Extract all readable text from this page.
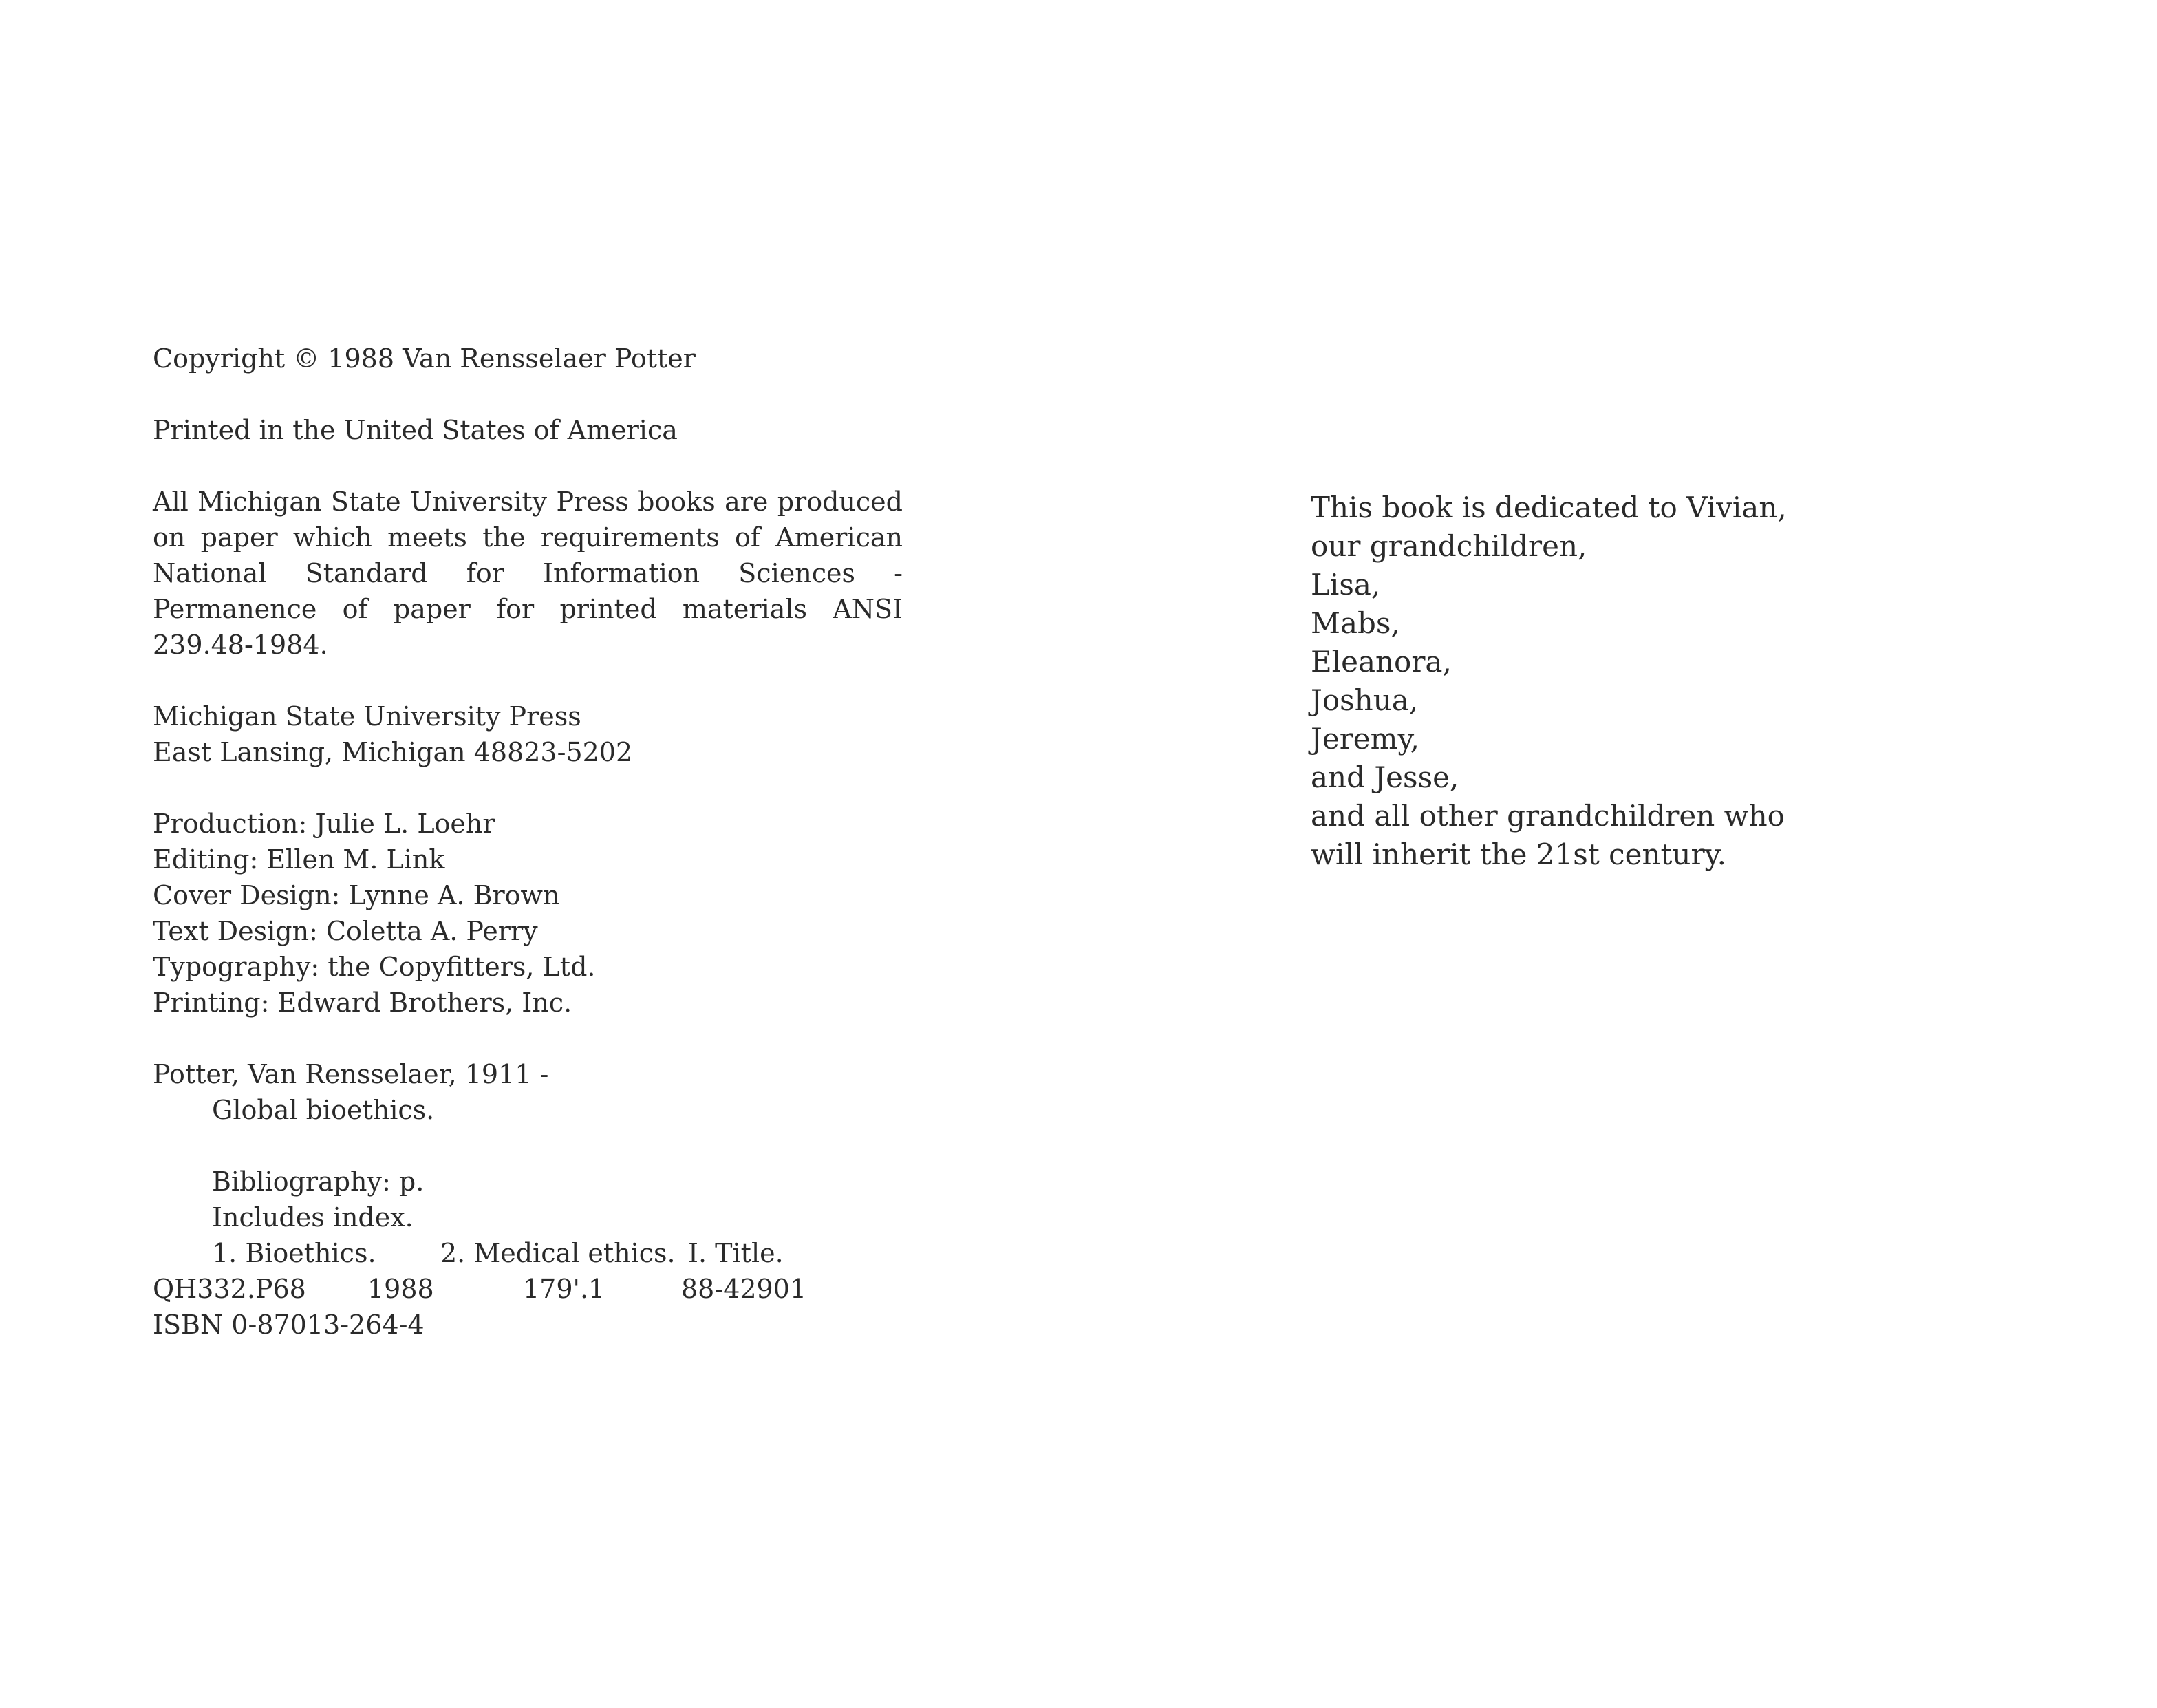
Copyright © 1988 Van Rensselaer Potter

Printed in the United States of America

All Michigan State University Press books are produced on paper which meets the requirements of American National Standard for Information Sciences - Permanence of paper for printed materials ANSI 239.48-1984.

Michigan State University Press

East Lansing, Michigan 48823-5202

Production: Julie L. Loehr

Editing: Ellen M. Link

Cover Design: Lynne A. Brown

Text Design: Coletta A. Perry

Typography: the Copyfitters, Ltd.

Printing: Edward Brothers, Inc.

Potter, Van Rensselaer, 1911 -

Global bioethics.

Bibliography: p.

Includes index.

1. Bioethics.	2. Medical ethics. I. Title.
QH332.P68	1988	179'.1	88-42901

ISBN 0-87013-264-4

This book is dedicated to Vivian,
our grandchildren,
Lisa,
Mabs,
Eleanora,
Joshua,
Jeremy,
and Jesse,
and all other grandchildren who
will inherit the 21st century.
